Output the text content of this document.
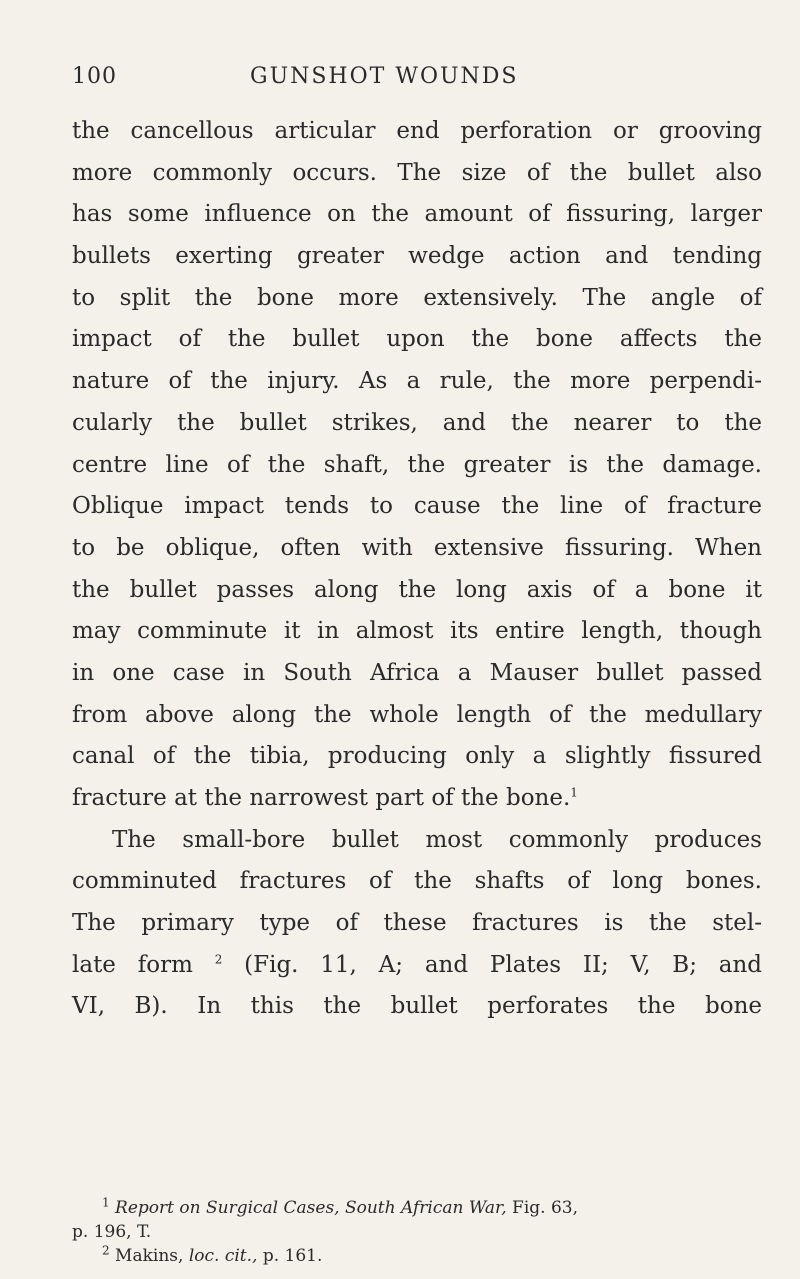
100	GUNSHOT WOUNDS
the cancellous articular end perforation or grooving
more commonly occurs. The size of the bullet also
has some influence on the amount of fissuring, larger
bullets exerting greater wedge action and tending
to split the bone more extensively. The angle of
impact of the bullet upon the bone affects the
nature of the injury. As a rule, the more perpendi-
cularly the bullet strikes, and the nearer to the
centre line of the shaft, the greater is the damage.
Oblique impact tends to cause the line of fracture
to be oblique, often with extensive fissuring. When
the bullet passes along the long axis of a bone it
may comminute it in almost its entire length, though
in one case in South Africa a Mauser bullet passed
from above along the whole length of the medullary
canal of the tibia, producing only a slightly fissured
fracture at the narrowest part of the bone.$^1$
The small-bore bullet most commonly produces
comminuted fractures of the shafts of long bones.
The primary type of these fractures is the stel-
late form $^2$ (Fig. 11, A; and Plates II; V, B; and
VI, B). In this the bullet perforates the bone
$^1$ Report on Surgical Cases, South African War, Fig. 63,
p. 196, T.
$^2$ Makins, loc. cit., p. 161.
